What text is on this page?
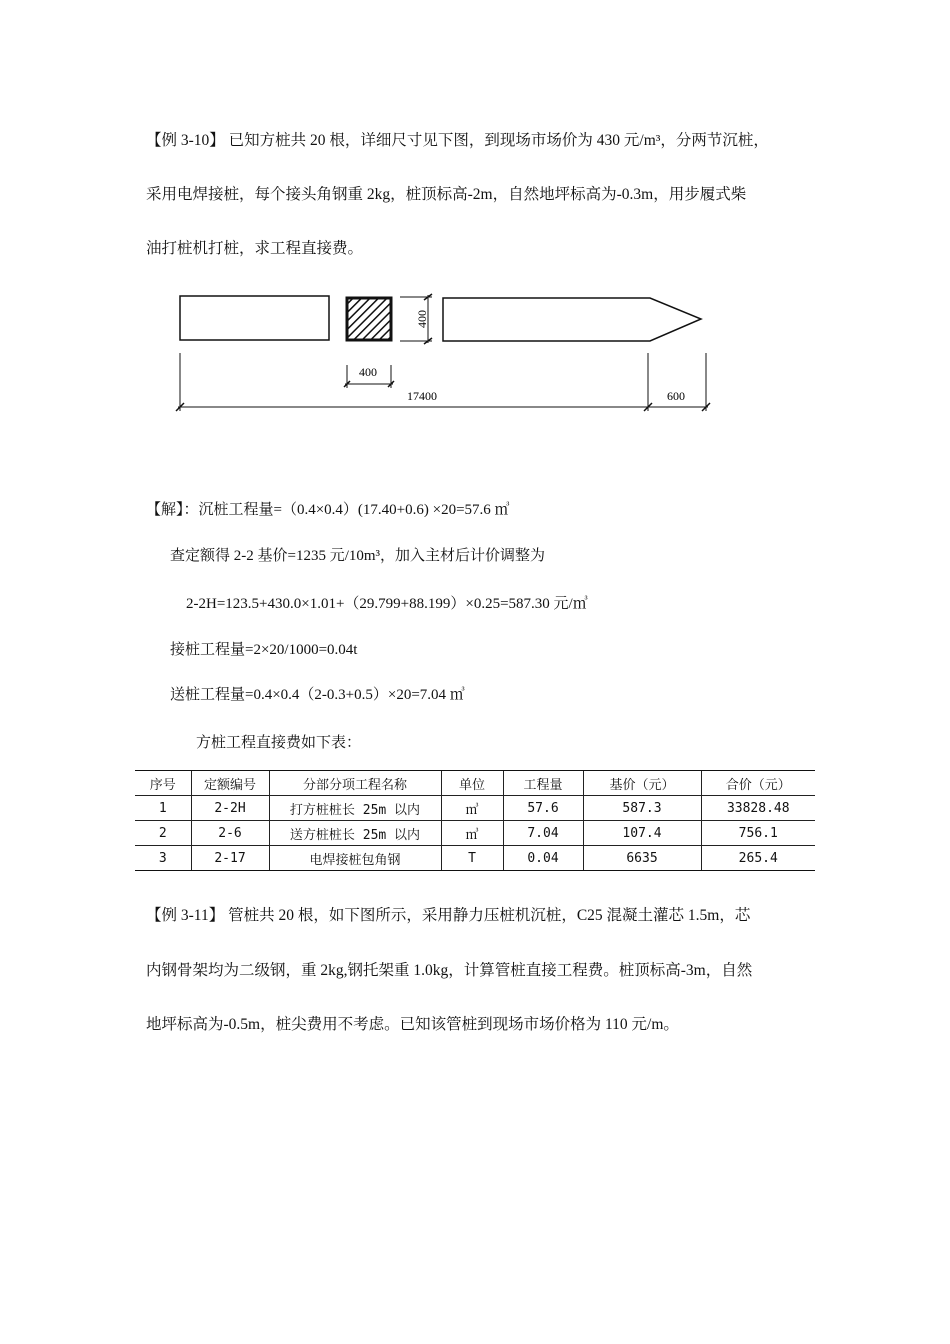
【例 3-10】 已知方桩共 20 根，详细尺寸见下图，到现场市场价为 430 元/m³，分两节沉桩，
采用电焊接桩，每个接头角钢重 2kg，桩顶标高-2m，自然地坪标高为-0.3m，用步履式柴
油打桩机打桩，求工程直接费。
400
400
17400	600
【解】：沉桩工程量=（0.4×0.4）(17.40+0.6) ×20=57.6 ㎥
查定额得 2-2 基价=1235 元/10m³，加入主材后计价调整为
2-2H=123.5+430.0×1.01+（29.799+88.199）×0.25=587.30 元/㎥
接桩工程量=2×20/1000=0.04t
送桩工程量=0.4×0.4（2-0.3+0.5）×20=7.04 ㎥
方桩工程直接费如下表：
序号	定额编号	分部分项工程名称	单位	工程量	基价（元）	合价（元）
1	2-2H	打方桩桩长 25m 以内	㎥	57.6	587.3	33828.48
2	2-6	送方桩桩长 25m 以内	㎥	7.04	107.4	756.1
3	2-17	电焊接桩包角钢	T	0.04	6635	265.4
【例 3-11】 管桩共 20 根，如下图所示，采用静力压桩机沉桩，C25 混凝土灌芯 1.5m，芯
内钢骨架均为二级钢，重 2kg,钢托架重 1.0kg，计算管桩直接工程费。桩顶标高-3m，自然
地坪标高为-0.5m，桩尖费用不考虑。已知该管桩到现场市场价格为 110 元/m。
